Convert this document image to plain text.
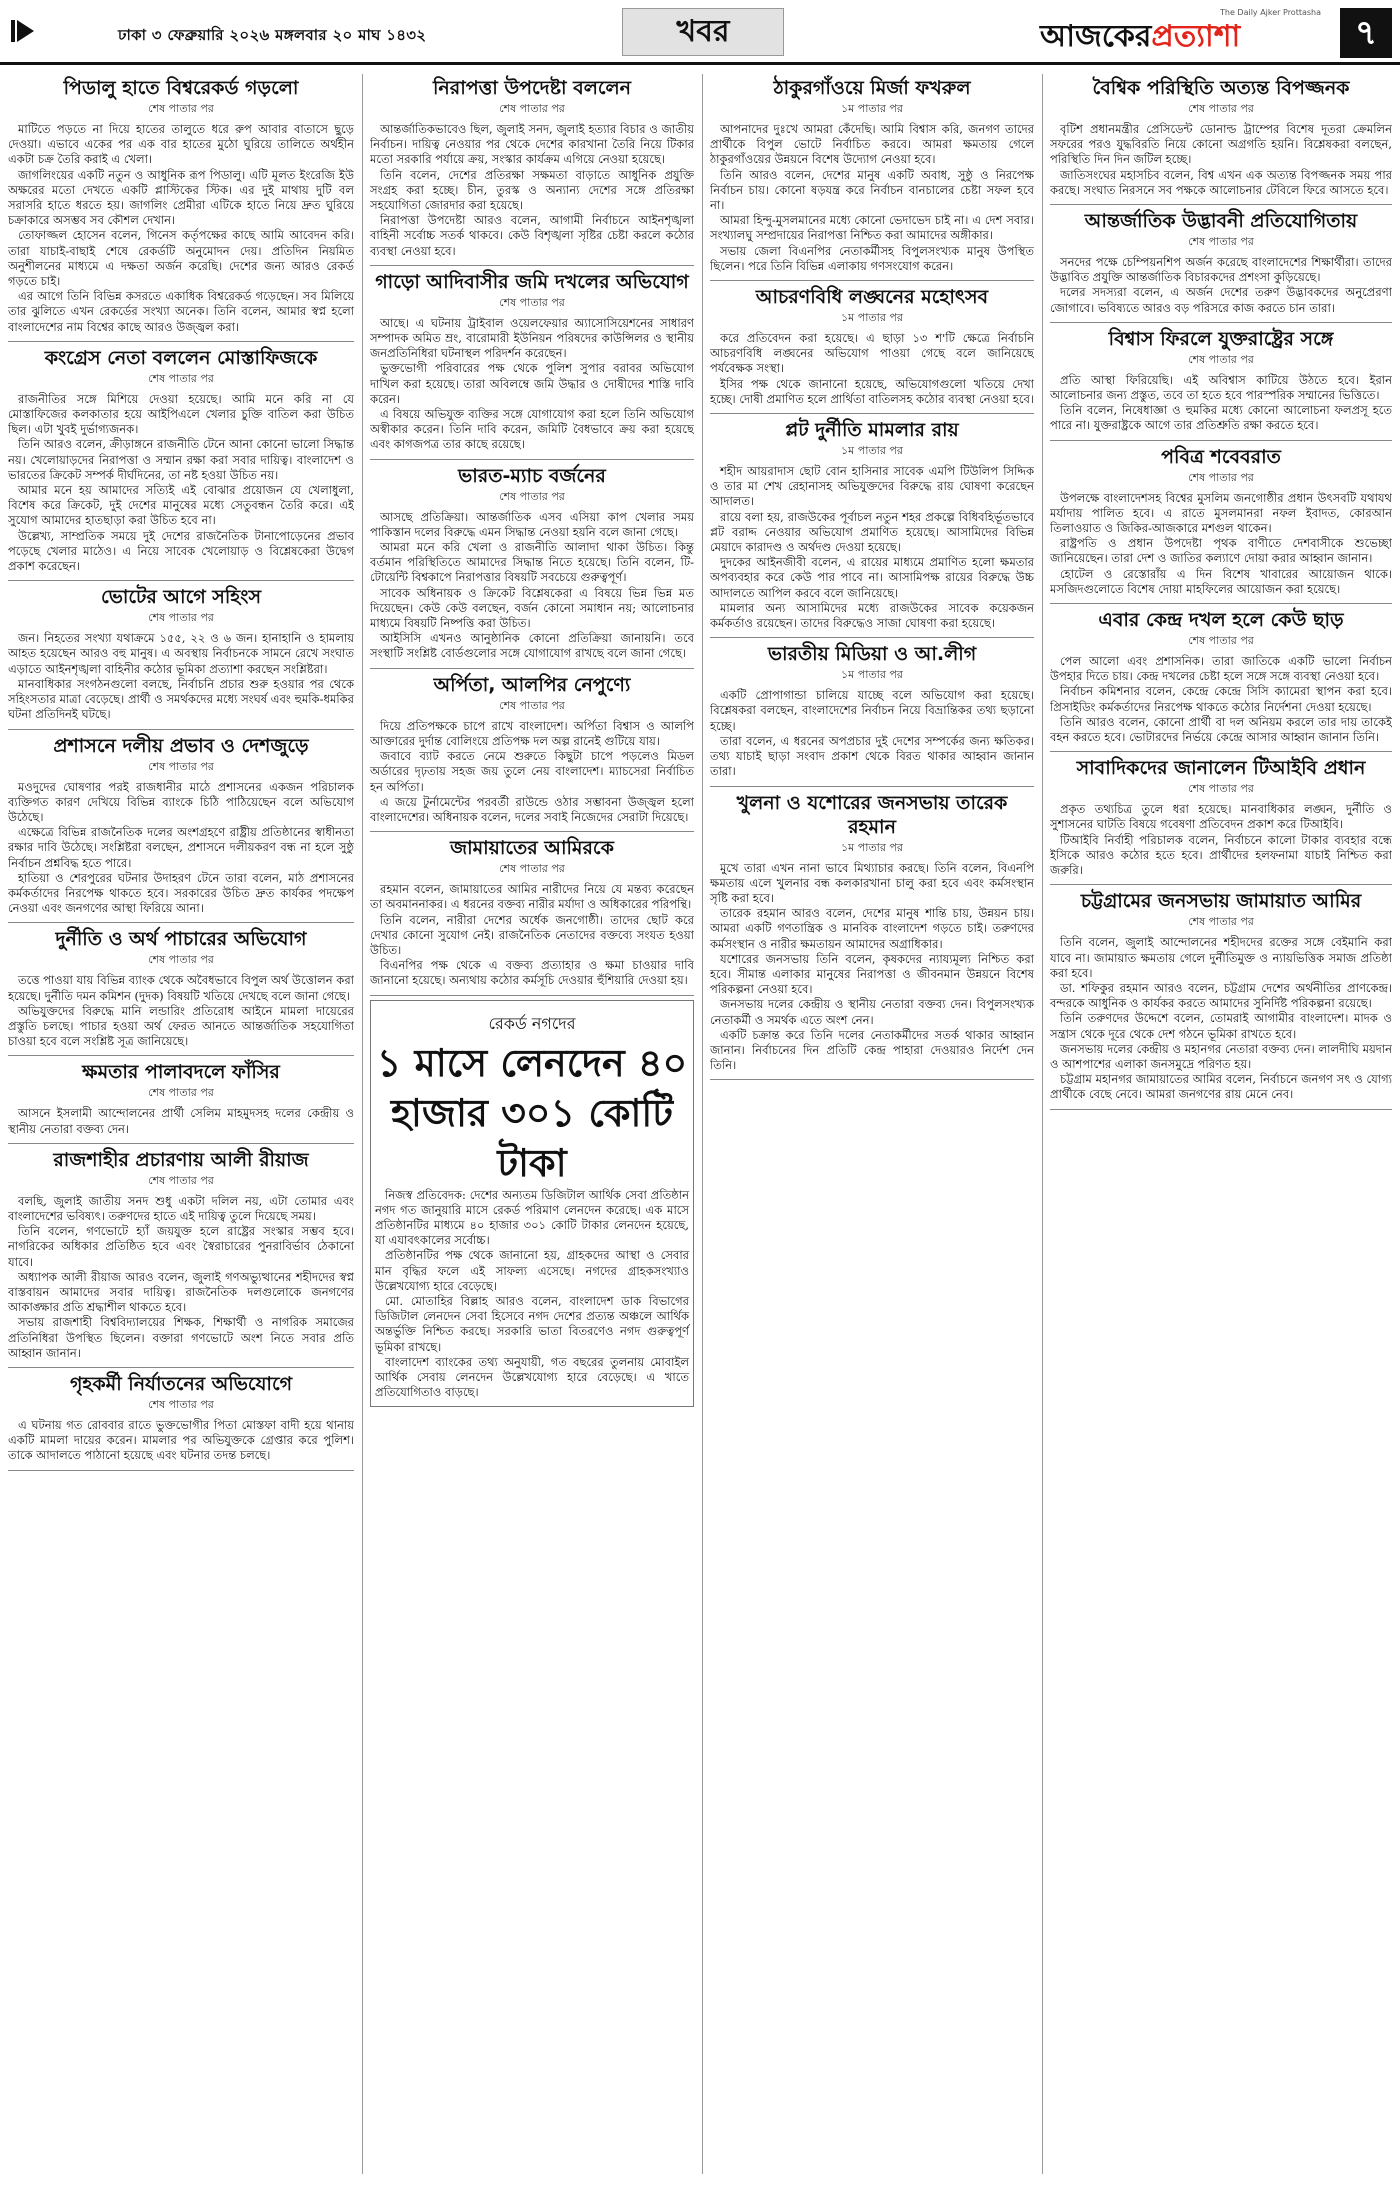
ঢাকা ৩ ফেব্রুয়ারি ২০২৬ মঙ্গলবার ২০ মাঘ ১৪৩২	খবর	আজকেরপ্রত্যাশা
The Daily Ajker Prottasha
৭
পিডালু হাতে বিশ্বরেকর্ড গড়লো
শেষ পাতার পর

মাটিতে পড়তে না দিয়ে হাতের তালুতে ধরে রুপ আবার বাতাসে ছুড়ে দেওয়া। এভাবে একের পর এক বার হাতের মুঠো ঘুরিয়ে তালিতে অর্থহীন একটা চক্র তৈরি করাই এ খেলা।

জাগলিংয়ের একটি নতুন ও আধুনিক রূপ পিডালু। এটি মূলত ইংরেজি ইউ অক্ষরের মতো দেখতে একটি প্লাস্টিকের স্টিক। এর দুই মাথায় দুটি বল সরাসরি হাতে ধরতে হয়। জাগলিং প্রেমীরা এটিকে হাতে নিয়ে দ্রুত ঘুরিয়ে চক্রাকারে অসম্ভব সব কৌশল দেখান।

তোফাজ্জল হোসেন বলেন, গিনেস কর্তৃপক্ষের কাছে আমি আবেদন করি। তারা যাচাই-বাছাই শেষে রেকর্ডটি অনুমোদন দেয়। প্রতিদিন নিয়মিত অনুশীলনের মাধ্যমে এ দক্ষতা অর্জন করেছি। দেশের জন্য আরও রেকর্ড গড়তে চাই।

এর আগে তিনি বিভিন্ন কসরতে একাধিক বিশ্বরেকর্ড গড়েছেন। সব মিলিয়ে তার ঝুলিতে এখন রেকর্ডের সংখ্যা অনেক। তিনি বলেন, আমার স্বপ্ন হলো বাংলাদেশের নাম বিশ্বের কাছে আরও উজ্জ্বল করা।

কংগ্রেস নেতা বললেন মোস্তাফিজকে
শেষ পাতার পর

রাজনীতির সঙ্গে মিশিয়ে দেওয়া হয়েছে। আমি মনে করি না যে মোস্তাফিজের কলকাতার হয়ে আইপিএলে খেলার চুক্তি বাতিল করা উচিত ছিল। এটা খুবই দুর্ভাগ্যজনক।

তিনি আরও বলেন, ক্রীড়াঙ্গনে রাজনীতি টেনে আনা কোনো ভালো সিদ্ধান্ত নয়। খেলোয়াড়দের নিরাপত্তা ও সম্মান রক্ষা করা সবার দায়িত্ব। বাংলাদেশ ও ভারতের ক্রিকেট সম্পর্ক দীর্ঘদিনের, তা নষ্ট হওয়া উচিত নয়।

আমার মনে হয় আমাদের সত্যিই এই বোঝার প্রয়োজন যে খেলাধুলা, বিশেষ করে ক্রিকেট, দুই দেশের মানুষের মধ্যে সেতুবন্ধন তৈরি করে। এই সুযোগ আমাদের হাতছাড়া করা উচিত হবে না।

উল্লেখ্য, সাম্প্রতিক সময়ে দুই দেশের রাজনৈতিক টানাপোড়েনের প্রভাব পড়েছে খেলার মাঠেও। এ নিয়ে সাবেক খেলোয়াড় ও বিশ্লেষকেরা উদ্বেগ প্রকাশ করেছেন।

ভোটের আগে সহিংস
শেষ পাতার পর

জন। নিহতের সংখ্যা যথাক্রমে ১৫৫, ২২ ও ৬ জন। হানাহানি ও হামলায় আহত হয়েছেন আরও বহু মানুষ। এ অবস্থায় নির্বাচনকে সামনে রেখে সংঘাত এড়াতে আইনশৃঙ্খলা বাহিনীর কঠোর ভূমিকা প্রত্যাশা করছেন সংশ্লিষ্টরা।

মানবাধিকার সংগঠনগুলো বলছে, নির্বাচনি প্রচার শুরু হওয়ার পর থেকে সহিংসতার মাত্রা বেড়েছে। প্রার্থী ও সমর্থকদের মধ্যে সংঘর্ষ এবং হুমকি-ধমকির ঘটনা প্রতিদিনই ঘটছে।

প্রশাসনে দলীয় প্রভাব ও দেশজুড়ে
শেষ পাতার পর

মওদুদের ঘোষণার পরই রাজধানীর মাঠে প্রশাসনের একজন পরিচালক ব্যক্তিগত কারণ দেখিয়ে বিভিন্ন ব্যাংকে চিঠি পাঠিয়েছেন বলে অভিযোগ উঠেছে।

এক্ষেত্রে বিভিন্ন রাজনৈতিক দলের অংশগ্রহণে রাষ্ট্রীয় প্রতিষ্ঠানের স্বাধীনতা রক্ষার দাবি উঠেছে। সংশ্লিষ্টরা বলছেন, প্রশাসনে দলীয়করণ বন্ধ না হলে সুষ্ঠু নির্বাচন প্রশ্নবিদ্ধ হতে পারে।

হাতিয়া ও শেরপুরের ঘটনার উদাহরণ টেনে তারা বলেন, মাঠ প্রশাসনের কর্মকর্তাদের নিরপেক্ষ থাকতে হবে। সরকারের উচিত দ্রুত কার্যকর পদক্ষেপ নেওয়া এবং জনগণের আস্থা ফিরিয়ে আনা।

দুর্নীতি ও অর্থ পাচারের অভিযোগ
শেষ পাতার পর

তত্তে পাওয়া যায় বিভিন্ন ব্যাংক থেকে অবৈধভাবে বিপুল অর্থ উত্তোলন করা হয়েছে। দুর্নীতি দমন কমিশন (দুদক) বিষয়টি খতিয়ে দেখছে বলে জানা গেছে।

অভিযুক্তদের বিরুদ্ধে মানি লন্ডারিং প্রতিরোধ আইনে মামলা দায়েরের প্রস্তুতি চলছে। পাচার হওয়া অর্থ ফেরত আনতে আন্তর্জাতিক সহযোগিতা চাওয়া হবে বলে সংশ্লিষ্ট সূত্র জানিয়েছে।

ক্ষমতার পালাবদলে ফাঁসির
শেষ পাতার পর

আসনে ইসলামী আন্দোলনের প্রার্থী সেলিম মাহমুদসহ দলের কেন্দ্রীয় ও স্থানীয় নেতারা বক্তব্য দেন।

রাজশাহীর প্রচারণায় আলী রীয়াজ
শেষ পাতার পর

বলছি, জুলাই জাতীয় সনদ শুধু একটা দলিল নয়, এটা তোমার এবং বাংলাদেশের ভবিষ্যৎ। তরুণদের হাতে এই দায়িত্ব তুলে দিয়েছে সময়।

তিনি বলেন, গণভোটে হ্যাঁ জয়যুক্ত হলে রাষ্ট্রের সংস্কার সম্ভব হবে। নাগরিকের অধিকার প্রতিষ্ঠিত হবে এবং স্বৈরাচারের পুনরাবির্ভাব ঠেকানো যাবে।

অধ্যাপক আলী রীয়াজ আরও বলেন, জুলাই গণঅভ্যুত্থানের শহীদদের স্বপ্ন বাস্তবায়ন আমাদের সবার দায়িত্ব। রাজনৈতিক দলগুলোকে জনগণের আকাঙ্ক্ষার প্রতি শ্রদ্ধাশীল থাকতে হবে।

সভায় রাজশাহী বিশ্ববিদ্যালয়ের শিক্ষক, শিক্ষার্থী ও নাগরিক সমাজের প্রতিনিধিরা উপস্থিত ছিলেন। বক্তারা গণভোটে অংশ নিতে সবার প্রতি আহ্বান জানান।

গৃহকর্মী নির্যাতনের অভিযোগে
শেষ পাতার পর

এ ঘটনায় গত রোববার রাতে ভুক্তভোগীর পিতা মোস্তফা বাদী হয়ে থানায় একটি মামলা দায়ের করেন। মামলার পর অভিযুক্তকে গ্রেপ্তার করে পুলিশ। তাকে আদালতে পাঠানো হয়েছে এবং ঘটনার তদন্ত চলছে।

নিরাপত্তা উপদেষ্টা বললেন
শেষ পাতার পর

আন্তর্জাতিকভাবেও ছিল, জুলাই সনদ, জুলাই হত্যার বিচার ও জাতীয় নির্বাচন। দায়িত্ব নেওয়ার পর থেকে দেশের কারখানা তৈরি নিয়ে টিকার মতো সরকারি পর্যায়ে ক্রয়, সংস্কার কার্যক্রম এগিয়ে নেওয়া হয়েছে।

তিনি বলেন, দেশের প্রতিরক্ষা সক্ষমতা বাড়াতে আধুনিক প্রযুক্তি সংগ্রহ করা হচ্ছে। চীন, তুরস্ক ও অন্যান্য দেশের সঙ্গে প্রতিরক্ষা সহযোগিতা জোরদার করা হয়েছে।

নিরাপত্তা উপদেষ্টা আরও বলেন, আগামী নির্বাচনে আইনশৃঙ্খলা বাহিনী সর্বোচ্চ সতর্ক থাকবে। কেউ বিশৃঙ্খলা সৃষ্টির চেষ্টা করলে কঠোর ব্যবস্থা নেওয়া হবে।

গাড়ো আদিবাসীর জমি দখলের অভিযোগ
শেষ পাতার পর

আছে। এ ঘটনায় ট্রাইবাল ওয়েলফেয়ার অ্যাসোসিয়েশনের সাধারণ সম্পাদক অমিত ম্রং, বারোমারী ইউনিয়ন পরিষদের কাউন্সিলর ও স্থানীয় জনপ্রতিনিধিরা ঘটনাস্থল পরিদর্শন করেছেন।

ভুক্তভোগী পরিবারের পক্ষ থেকে পুলিশ সুপার বরাবর অভিযোগ দাখিল করা হয়েছে। তারা অবিলম্বে জমি উদ্ধার ও দোষীদের শাস্তি দাবি করেন।

এ বিষয়ে অভিযুক্ত ব্যক্তির সঙ্গে যোগাযোগ করা হলে তিনি অভিযোগ অস্বীকার করেন। তিনি দাবি করেন, জমিটি বৈধভাবে ক্রয় করা হয়েছে এবং কাগজপত্র তার কাছে রয়েছে।

ভারত-ম্যাচ বর্জনের
শেষ পাতার পর

আসছে প্রতিক্রিয়া। আন্তর্জাতিক এসব এসিয়া কাপ খেলার সময় পাকিস্তান দলের বিরুদ্ধে এমন সিদ্ধান্ত নেওয়া হয়নি বলে জানা গেছে।

আমরা মনে করি খেলা ও রাজনীতি আলাদা থাকা উচিত। কিন্তু বর্তমান পরিস্থিতিতে আমাদের সিদ্ধান্ত নিতে হয়েছে। তিনি বলেন, টি-টোয়েন্টি বিশ্বকাপে নিরাপত্তার বিষয়টি সবচেয়ে গুরুত্বপূর্ণ।

সাবেক অধিনায়ক ও ক্রিকেট বিশ্লেষকেরা এ বিষয়ে ভিন্ন ভিন্ন মত দিয়েছেন। কেউ কেউ বলছেন, বর্জন কোনো সমাধান নয়; আলোচনার মাধ্যমে বিষয়টি নিষ্পত্তি করা উচিত।

আইসিসি এখনও আনুষ্ঠানিক কোনো প্রতিক্রিয়া জানায়নি। তবে সংস্থাটি সংশ্লিষ্ট বোর্ডগুলোর সঙ্গে যোগাযোগ রাখছে বলে জানা গেছে।

অর্পিতা, আলপির নেপুণ্যে
শেষ পাতার পর

দিয়ে প্রতিপক্ষকে চাপে রাখে বাংলাদেশ। অর্পিতা বিশ্বাস ও আলপি আক্তারের দুর্দান্ত বোলিংয়ে প্রতিপক্ষ দল অল্প রানেই গুটিয়ে যায়।

জবাবে ব্যাট করতে নেমে শুরুতে কিছুটা চাপে পড়লেও মিডল অর্ডারের দৃঢ়তায় সহজ জয় তুলে নেয় বাংলাদেশ। ম্যাচসেরা নির্বাচিত হন অর্পিতা।

এ জয়ে টুর্নামেন্টের পরবর্তী রাউন্ডে ওঠার সম্ভাবনা উজ্জ্বল হলো বাংলাদেশের। অধিনায়ক বলেন, দলের সবাই নিজেদের সেরাটা দিয়েছে।

জামায়াতের আমিরকে
শেষ পাতার পর

রহমান বলেন, জামায়াতের আমির নারীদের নিয়ে যে মন্তব্য করেছেন তা অবমাননাকর। এ ধরনের বক্তব্য নারীর মর্যাদা ও অধিকারের পরিপন্থি।

তিনি বলেন, নারীরা দেশের অর্ধেক জনগোষ্ঠী। তাদের ছোট করে দেখার কোনো সুযোগ নেই। রাজনৈতিক নেতাদের বক্তব্যে সংযত হওয়া উচিত।

বিএনপির পক্ষ থেকে এ বক্তব্য প্রত্যাহার ও ক্ষমা চাওয়ার দাবি জানানো হয়েছে। অন্যথায় কঠোর কর্মসূচি দেওয়ার হুঁশিয়ারি দেওয়া হয়।

রেকর্ড নগদের
১ মাসে লেনদেন ৪০ হাজার ৩০১ কোটি টাকা

নিজস্ব প্রতিবেদক: দেশের অন্যতম ডিজিটাল আর্থিক সেবা প্রতিষ্ঠান নগদ গত জানুয়ারি মাসে রেকর্ড পরিমাণ লেনদেন করেছে। এক মাসে প্রতিষ্ঠানটির মাধ্যমে ৪০ হাজার ৩০১ কোটি টাকার লেনদেন হয়েছে, যা এযাবৎকালের সর্বোচ্চ।

প্রতিষ্ঠানটির পক্ষ থেকে জানানো হয়, গ্রাহকদের আস্থা ও সেবার মান বৃদ্ধির ফলে এই সাফল্য এসেছে। নগদের গ্রাহকসংখ্যাও উল্লেখযোগ্য হারে বেড়েছে।

মো. মোতাহির বিল্লাহ আরও বলেন, বাংলাদেশ ডাক বিভাগের ডিজিটাল লেনদেন সেবা হিসেবে নগদ দেশের প্রত্যন্ত অঞ্চলে আর্থিক অন্তর্ভুক্তি নিশ্চিত করছে। সরকারি ভাতা বিতরণেও নগদ গুরুত্বপূর্ণ ভূমিকা রাখছে।

বাংলাদেশ ব্যাংকের তথ্য অনুযায়ী, গত বছরের তুলনায় মোবাইল আর্থিক সেবায় লেনদেন উল্লেখযোগ্য হারে বেড়েছে। এ খাতে প্রতিযোগিতাও বাড়ছে।

ঠাকুরগাঁওয়ে মির্জা ফখরুল
১ম পাতার পর

আপনাদের দুঃখে আমরা কেঁদেছি। আমি বিশ্বাস করি, জনগণ তাদের প্রার্থীকে বিপুল ভোটে নির্বাচিত করবে। আমরা ক্ষমতায় গেলে ঠাকুরগাঁওয়ের উন্নয়নে বিশেষ উদ্যোগ নেওয়া হবে।

তিনি আরও বলেন, দেশের মানুষ একটি অবাধ, সুষ্ঠু ও নিরপেক্ষ নির্বাচন চায়। কোনো ষড়যন্ত্র করে নির্বাচন বানচালের চেষ্টা সফল হবে না।

আমরা হিন্দু-মুসলমানের মধ্যে কোনো ভেদাভেদ চাই না। এ দেশ সবার। সংখ্যালঘু সম্প্রদায়ের নিরাপত্তা নিশ্চিত করা আমাদের অঙ্গীকার।

সভায় জেলা বিএনপির নেতাকর্মীসহ বিপুলসংখ্যক মানুষ উপস্থিত ছিলেন। পরে তিনি বিভিন্ন এলাকায় গণসংযোগ করেন।

আচরণবিধি লঙ্ঘনের মহোৎসব
১ম পাতার পর

করে প্রতিবেদন করা হয়েছে। এ ছাড়া ১৩ শ'টি ক্ষেত্রে নির্বাচনি আচরণবিধি লঙ্ঘনের অভিযোগ পাওয়া গেছে বলে জানিয়েছে পর্যবেক্ষক সংস্থা।

ইসির পক্ষ থেকে জানানো হয়েছে, অভিযোগগুলো খতিয়ে দেখা হচ্ছে। দোষী প্রমাণিত হলে প্রার্থিতা বাতিলসহ কঠোর ব্যবস্থা নেওয়া হবে।

প্লট দুর্নীতি মামলার রায়
১ম পাতার পর

শহীদ আয়রাদাস ছোট বোন হাসিনার সাবেক এমপি টিউলিপ সিদ্দিক ও তার মা শেখ রেহানাসহ অভিযুক্তদের বিরুদ্ধে রায় ঘোষণা করেছেন আদালত।

রায়ে বলা হয়, রাজউকের পূর্বাচল নতুন শহর প্রকল্পে বিধিবহির্ভূতভাবে প্লট বরাদ্দ নেওয়ার অভিযোগ প্রমাণিত হয়েছে। আসামিদের বিভিন্ন মেয়াদে কারাদণ্ড ও অর্থদণ্ড দেওয়া হয়েছে।

দুদকের আইনজীবী বলেন, এ রায়ের মাধ্যমে প্রমাণিত হলো ক্ষমতার অপব্যবহার করে কেউ পার পাবে না। আসামিপক্ষ রায়ের বিরুদ্ধে উচ্চ আদালতে আপিল করবে বলে জানিয়েছে।

মামলার অন্য আসামিদের মধ্যে রাজউকের সাবেক কয়েকজন কর্মকর্তাও রয়েছেন। তাদের বিরুদ্ধেও সাজা ঘোষণা করা হয়েছে।

ভারতীয় মিডিয়া ও আ.লীগ
১ম পাতার পর

একটি প্রোপাগান্ডা চালিয়ে যাচ্ছে বলে অভিযোগ করা হয়েছে। বিশ্লেষকরা বলছেন, বাংলাদেশের নির্বাচন নিয়ে বিভ্রান্তিকর তথ্য ছড়ানো হচ্ছে।

তারা বলেন, এ ধরনের অপপ্রচার দুই দেশের সম্পর্কের জন্য ক্ষতিকর। তথ্য যাচাই ছাড়া সংবাদ প্রকাশ থেকে বিরত থাকার আহ্বান জানান তারা।

খুলনা ও যশোরের জনসভায় তারেক রহমান
১ম পাতার পর

মুখে তারা এখন নানা ভাবে মিথ্যাচার করছে। তিনি বলেন, বিএনপি ক্ষমতায় এলে খুলনার বন্ধ কলকারখানা চালু করা হবে এবং কর্মসংস্থান সৃষ্টি করা হবে।

তারেক রহমান আরও বলেন, দেশের মানুষ শান্তি চায়, উন্নয়ন চায়। আমরা একটি গণতান্ত্রিক ও মানবিক বাংলাদেশ গড়তে চাই। তরুণদের কর্মসংস্থান ও নারীর ক্ষমতায়ন আমাদের অগ্রাধিকার।

যশোরের জনসভায় তিনি বলেন, কৃষকদের ন্যায্যমূল্য নিশ্চিত করা হবে। সীমান্ত এলাকার মানুষের নিরাপত্তা ও জীবনমান উন্নয়নে বিশেষ পরিকল্পনা নেওয়া হবে।

জনসভায় দলের কেন্দ্রীয় ও স্থানীয় নেতারা বক্তব্য দেন। বিপুলসংখ্যক নেতাকর্মী ও সমর্থক এতে অংশ নেন।

একটি চক্রান্ত করে তিনি দলের নেতাকর্মীদের সতর্ক থাকার আহ্বান জানান। নির্বাচনের দিন প্রতিটি কেন্দ্র পাহারা দেওয়ারও নির্দেশ দেন তিনি।

বৈশ্বিক পরিস্থিতি অত্যন্ত বিপজ্জনক
শেষ পাতার পর

বৃটিশ প্রধানমন্ত্রীর প্রেসিডেন্ট ডোনাল্ড ট্রাম্পের বিশেষ দূতরা ক্রেমলিন সফরের পরও যুদ্ধবিরতি নিয়ে কোনো অগ্রগতি হয়নি। বিশ্লেষকরা বলছেন, পরিস্থিতি দিন দিন জটিল হচ্ছে।

জাতিসংঘের মহাসচিব বলেন, বিশ্ব এখন এক অত্যন্ত বিপজ্জনক সময় পার করছে। সংঘাত নিরসনে সব পক্ষকে আলোচনার টেবিলে ফিরে আসতে হবে।

আন্তর্জাতিক উদ্ভাবনী প্রতিযোগিতায়
শেষ পাতার পর

সনদের পক্ষে চেম্পিয়নশিপ অর্জন করেছে বাংলাদেশের শিক্ষার্থীরা। তাদের উদ্ভাবিত প্রযুক্তি আন্তর্জাতিক বিচারকদের প্রশংসা কুড়িয়েছে।

দলের সদস্যরা বলেন, এ অর্জন দেশের তরুণ উদ্ভাবকদের অনুপ্রেরণা জোগাবে। ভবিষ্যতে আরও বড় পরিসরে কাজ করতে চান তারা।

বিশ্বাস ফিরলে যুক্তরাষ্ট্রের সঙ্গে
শেষ পাতার পর

প্রতি আস্থা ফিরিয়েছি। এই অবিশ্বাস কাটিয়ে উঠতে হবে। ইরান আলোচনার জন্য প্রস্তুত, তবে তা হতে হবে পারস্পরিক সম্মানের ভিত্তিতে।

তিনি বলেন, নিষেধাজ্ঞা ও হুমকির মধ্যে কোনো আলোচনা ফলপ্রসূ হতে পারে না। যুক্তরাষ্ট্রকে আগে তার প্রতিশ্রুতি রক্ষা করতে হবে।

পবিত্র শবেবরাত
শেষ পাতার পর

উপলক্ষে বাংলাদেশসহ বিশ্বের মুসলিম জনগোষ্ঠীর প্রধান উৎসবটি যথাযথ মর্যাদায় পালিত হবে। এ রাতে মুসলমানরা নফল ইবাদত, কোরআন তিলাওয়াত ও জিকির-আজকারে মশগুল থাকেন।

রাষ্ট্রপতি ও প্রধান উপদেষ্টা পৃথক বাণীতে দেশবাসীকে শুভেচ্ছা জানিয়েছেন। তারা দেশ ও জাতির কল্যাণে দোয়া করার আহ্বান জানান।

হোটেল ও রেস্তোরাঁয় এ দিন বিশেষ খাবারের আয়োজন থাকে। মসজিদগুলোতে বিশেষ দোয়া মাহফিলের আয়োজন করা হয়েছে।

এবার কেন্দ্র দখল হলে কেউ ছাড়
শেষ পাতার পর

পেল আলো এবং প্রশাসনিক। তারা জাতিকে একটি ভালো নির্বাচন উপহার দিতে চায়। কেন্দ্র দখলের চেষ্টা হলে সঙ্গে সঙ্গে ব্যবস্থা নেওয়া হবে।

নির্বাচন কমিশনার বলেন, কেন্দ্রে কেন্দ্রে সিসি ক্যামেরা স্থাপন করা হবে। প্রিসাইডিং কর্মকর্তাদের নিরপেক্ষ থাকতে কঠোর নির্দেশনা দেওয়া হয়েছে।

তিনি আরও বলেন, কোনো প্রার্থী বা দল অনিয়ম করলে তার দায় তাকেই বহন করতে হবে। ভোটারদের নির্ভয়ে কেন্দ্রে আসার আহ্বান জানান তিনি।

সাবাদিকদের জানালেন টিআইবি প্রধান
শেষ পাতার পর

প্রকৃত তথ্যচিত্র তুলে ধরা হয়েছে। মানবাধিকার লঙ্ঘন, দুর্নীতি ও সুশাসনের ঘাটতি বিষয়ে গবেষণা প্রতিবেদন প্রকাশ করে টিআইবি।

টিআইবি নির্বাহী পরিচালক বলেন, নির্বাচনে কালো টাকার ব্যবহার বন্ধে ইসিকে আরও কঠোর হতে হবে। প্রার্থীদের হলফনামা যাচাই নিশ্চিত করা জরুরি।

চট্টগ্রামের জনসভায় জামায়াত আমির
শেষ পাতার পর

তিনি বলেন, জুলাই আন্দোলনের শহীদদের রক্তের সঙ্গে বেইমানি করা যাবে না। জামায়াত ক্ষমতায় গেলে দুর্নীতিমুক্ত ও ন্যায়ভিত্তিক সমাজ প্রতিষ্ঠা করা হবে।

ডা. শফিকুর রহমান আরও বলেন, চট্টগ্রাম দেশের অর্থনীতির প্রাণকেন্দ্র। বন্দরকে আধুনিক ও কার্যকর করতে আমাদের সুনির্দিষ্ট পরিকল্পনা রয়েছে।

তিনি তরুণদের উদ্দেশে বলেন, তোমরাই আগামীর বাংলাদেশ। মাদক ও সন্ত্রাস থেকে দূরে থেকে দেশ গঠনে ভূমিকা রাখতে হবে।

জনসভায় দলের কেন্দ্রীয় ও মহানগর নেতারা বক্তব্য দেন। লালদীঘি ময়দান ও আশপাশের এলাকা জনসমুদ্রে পরিণত হয়।

চট্টগ্রাম মহানগর জামায়াতের আমির বলেন, নির্বাচনে জনগণ সৎ ও যোগ্য প্রার্থীকে বেছে নেবে। আমরা জনগণের রায় মেনে নেব।
